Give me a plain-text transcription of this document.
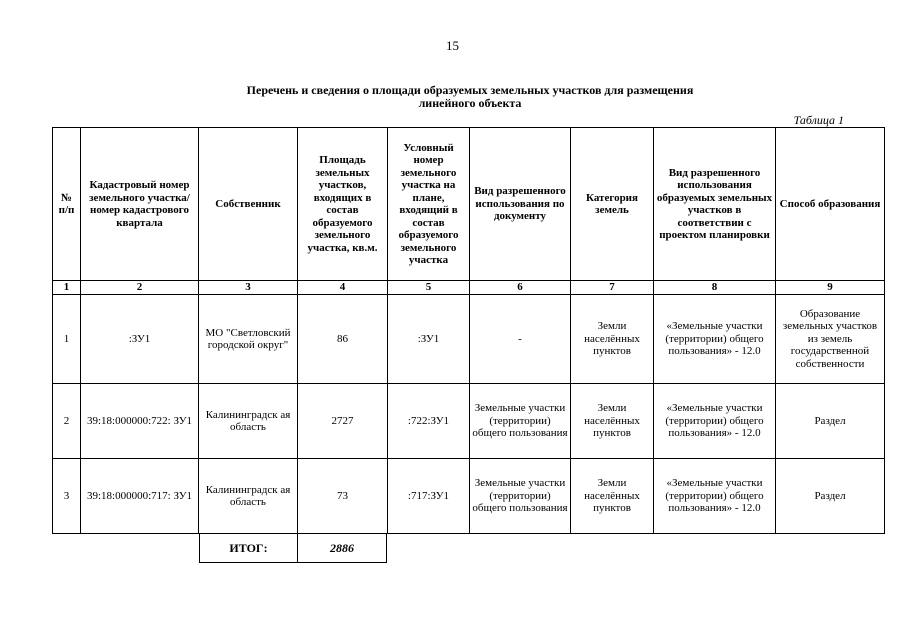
15
Перечень и сведения о площади образуемых земельных участков для размещения
линейного объекта
Таблица 1
№ п/п	Кадастровый номер земельного участка/ номер кадастрового квартала	Собственник	Площадь земельных участков, входящих в состав образуемого земельного участка, кв.м.	Условный номер земельного участка на плане, входящий в состав образуемого земельного участка	Вид разрешенного использования по документу	Категория земель	Вид разрешенного использования образуемых земельных участков в соответствии с проектом планировки	Способ образования
1	2	3	4	5	6	7	8	9
1	:ЗУ1	МО "Светловский городской округ"	86	:ЗУ1	-	Земли населённых пунктов	«Земельные участки (территории) общего пользования» - 12.0	Образование земельных участков из земель государственной собственности
2	39:18:000000:722: ЗУ1	Калининградск ая область	2727	:722:ЗУ1	Земельные участки (территории) общего пользования	Земли населённых пунктов	«Земельные участки (территории) общего пользования» - 12.0	Раздел
3	39:18:000000:717: ЗУ1	Калининградск ая область	73	:717:ЗУ1	Земельные участки (территории) общего пользования	Земли населённых пунктов	«Земельные участки (территории) общего пользования» - 12.0	Раздел
ИТОГ:	2886
